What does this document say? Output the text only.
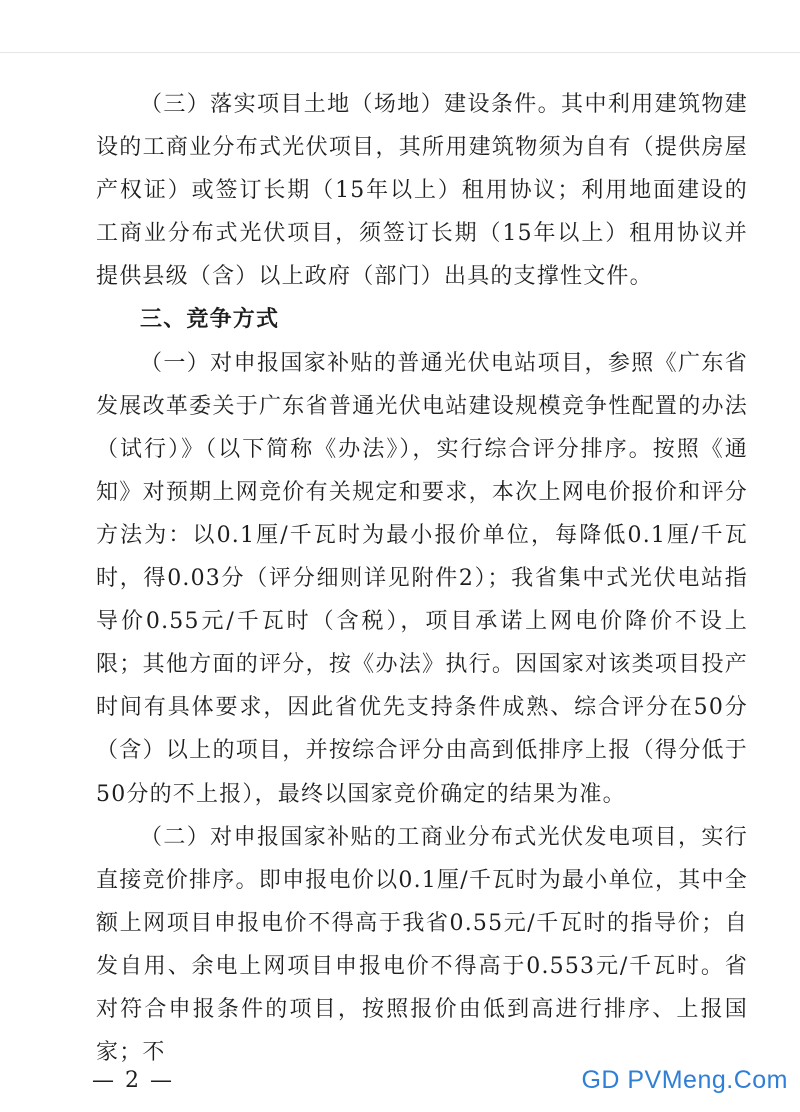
（三）落实项目土地（场地）建设条件。其中利用建筑物建设的工商业分布式光伏项目，其所用建筑物须为自有（提供房屋产权证）或签订长期（15年以上）租用协议；利用地面建设的工商业分布式光伏项目，须签订长期（15年以上）租用协议并提供县级（含）以上政府（部门）出具的支撑性文件。

三、竞争方式

（一）对申报国家补贴的普通光伏电站项目，参照《广东省发展改革委关于广东省普通光伏电站建设规模竞争性配置的办法（试行）》（以下简称《办法》），实行综合评分排序。按照《通知》对预期上网竞价有关规定和要求，本次上网电价报价和评分方法为：以0.1厘/千瓦时为最小报价单位，每降低0.1厘/千瓦时，得0.03分（评分细则详见附件2）；我省集中式光伏电站指导价0.55元/千瓦时（含税），项目承诺上网电价降价不设上限；其他方面的评分，按《办法》执行。因国家对该类项目投产时间有具体要求，因此省优先支持条件成熟、综合评分在50分（含）以上的项目，并按综合评分由高到低排序上报（得分低于50分的不上报），最终以国家竞价确定的结果为准。

（二）对申报国家补贴的工商业分布式光伏发电项目，实行直接竞价排序。即申报电价以0.1厘/千瓦时为最小单位，其中全额上网项目申报电价不得高于我省0.55元/千瓦时的指导价；自发自用、余电上网项目申报电价不得高于0.553元/千瓦时。省对符合申报条件的项目，按照报价由低到高进行排序、上报国家；不

— 2 —	GD PVMeng.Com
